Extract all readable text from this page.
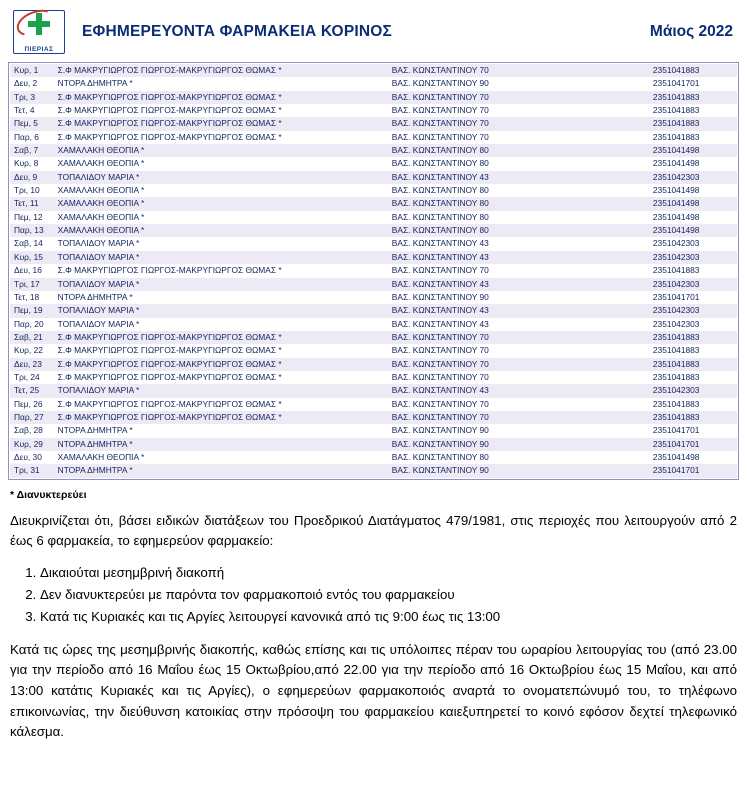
ΠΙΕΡΙΑΣ
ΕΦΗΜΕΡΕΥΟΝΤΑ ΦΑΡΜΑΚΕΙΑ ΚΟΡΙΝΟΣ	Μάιος 2022
Κυρ, 1	Σ.Φ ΜΑΚΡΥΓΙΩΡΓΟΣ ΓΙΩΡΓΟΣ-ΜΑΚΡΥΓΙΩΡΓΟΣ ΘΩΜΑΣ *	ΒΑΣ. ΚΩΝΣΤΑΝΤΙΝΟΥ 70	2351041883
Δευ, 2	ΝΤΟΡΑ ΔΗΜΗΤΡΑ *	ΒΑΣ. ΚΩΝΣΤΑΝΤΙΝΟΥ 90	2351041701
Τρι, 3	Σ.Φ ΜΑΚΡΥΓΙΩΡΓΟΣ ΓΙΩΡΓΟΣ-ΜΑΚΡΥΓΙΩΡΓΟΣ ΘΩΜΑΣ *	ΒΑΣ. ΚΩΝΣΤΑΝΤΙΝΟΥ 70	2351041883
Τετ, 4	Σ.Φ ΜΑΚΡΥΓΙΩΡΓΟΣ ΓΙΩΡΓΟΣ-ΜΑΚΡΥΓΙΩΡΓΟΣ ΘΩΜΑΣ *	ΒΑΣ. ΚΩΝΣΤΑΝΤΙΝΟΥ 70	2351041883
Πεμ, 5	Σ.Φ ΜΑΚΡΥΓΙΩΡΓΟΣ ΓΙΩΡΓΟΣ-ΜΑΚΡΥΓΙΩΡΓΟΣ ΘΩΜΑΣ *	ΒΑΣ. ΚΩΝΣΤΑΝΤΙΝΟΥ 70	2351041883
Παρ, 6	Σ.Φ ΜΑΚΡΥΓΙΩΡΓΟΣ ΓΙΩΡΓΟΣ-ΜΑΚΡΥΓΙΩΡΓΟΣ ΘΩΜΑΣ *	ΒΑΣ. ΚΩΝΣΤΑΝΤΙΝΟΥ 70	2351041883
Σαβ, 7	ΧΑΜΑΛΑΚΗ ΘΕΟΠΙΑ *	ΒΑΣ. ΚΩΝΣΤΑΝΤΙΝΟΥ 80	2351041498
Κυρ, 8	ΧΑΜΑΛΑΚΗ ΘΕΟΠΙΑ *	ΒΑΣ. ΚΩΝΣΤΑΝΤΙΝΟΥ 80	2351041498
Δευ, 9	ΤΟΠΑΛΙΔΟΥ ΜΑΡΙΑ *	ΒΑΣ. ΚΩΝΣΤΑΝΤΙΝΟΥ 43	2351042303
Τρι, 10	ΧΑΜΑΛΑΚΗ ΘΕΟΠΙΑ *	ΒΑΣ. ΚΩΝΣΤΑΝΤΙΝΟΥ 80	2351041498
Τετ, 11	ΧΑΜΑΛΑΚΗ ΘΕΟΠΙΑ *	ΒΑΣ. ΚΩΝΣΤΑΝΤΙΝΟΥ 80	2351041498
Πεμ, 12	ΧΑΜΑΛΑΚΗ ΘΕΟΠΙΑ *	ΒΑΣ. ΚΩΝΣΤΑΝΤΙΝΟΥ 80	2351041498
Παρ, 13	ΧΑΜΑΛΑΚΗ ΘΕΟΠΙΑ *	ΒΑΣ. ΚΩΝΣΤΑΝΤΙΝΟΥ 80	2351041498
Σαβ, 14	ΤΟΠΑΛΙΔΟΥ ΜΑΡΙΑ *	ΒΑΣ. ΚΩΝΣΤΑΝΤΙΝΟΥ 43	2351042303
Κυρ, 15	ΤΟΠΑΛΙΔΟΥ ΜΑΡΙΑ *	ΒΑΣ. ΚΩΝΣΤΑΝΤΙΝΟΥ 43	2351042303
Δευ, 16	Σ.Φ ΜΑΚΡΥΓΙΩΡΓΟΣ ΓΙΩΡΓΟΣ-ΜΑΚΡΥΓΙΩΡΓΟΣ ΘΩΜΑΣ *	ΒΑΣ. ΚΩΝΣΤΑΝΤΙΝΟΥ 70	2351041883
Τρι, 17	ΤΟΠΑΛΙΔΟΥ ΜΑΡΙΑ *	ΒΑΣ. ΚΩΝΣΤΑΝΤΙΝΟΥ 43	2351042303
Τετ, 18	ΝΤΟΡΑ ΔΗΜΗΤΡΑ *	ΒΑΣ. ΚΩΝΣΤΑΝΤΙΝΟΥ 90	2351041701
Πεμ, 19	ΤΟΠΑΛΙΔΟΥ ΜΑΡΙΑ *	ΒΑΣ. ΚΩΝΣΤΑΝΤΙΝΟΥ 43	2351042303
Παρ, 20	ΤΟΠΑΛΙΔΟΥ ΜΑΡΙΑ *	ΒΑΣ. ΚΩΝΣΤΑΝΤΙΝΟΥ 43	2351042303
Σαβ, 21	Σ.Φ ΜΑΚΡΥΓΙΩΡΓΟΣ ΓΙΩΡΓΟΣ-ΜΑΚΡΥΓΙΩΡΓΟΣ ΘΩΜΑΣ *	ΒΑΣ. ΚΩΝΣΤΑΝΤΙΝΟΥ 70	2351041883
Κυρ, 22	Σ.Φ ΜΑΚΡΥΓΙΩΡΓΟΣ ΓΙΩΡΓΟΣ-ΜΑΚΡΥΓΙΩΡΓΟΣ ΘΩΜΑΣ *	ΒΑΣ. ΚΩΝΣΤΑΝΤΙΝΟΥ 70	2351041883
Δευ, 23	Σ.Φ ΜΑΚΡΥΓΙΩΡΓΟΣ ΓΙΩΡΓΟΣ-ΜΑΚΡΥΓΙΩΡΓΟΣ ΘΩΜΑΣ *	ΒΑΣ. ΚΩΝΣΤΑΝΤΙΝΟΥ 70	2351041883
Τρι, 24	Σ.Φ ΜΑΚΡΥΓΙΩΡΓΟΣ ΓΙΩΡΓΟΣ-ΜΑΚΡΥΓΙΩΡΓΟΣ ΘΩΜΑΣ *	ΒΑΣ. ΚΩΝΣΤΑΝΤΙΝΟΥ 70	2351041883
Τετ, 25	ΤΟΠΑΛΙΔΟΥ ΜΑΡΙΑ *	ΒΑΣ. ΚΩΝΣΤΑΝΤΙΝΟΥ 43	2351042303
Πεμ, 26	Σ.Φ ΜΑΚΡΥΓΙΩΡΓΟΣ ΓΙΩΡΓΟΣ-ΜΑΚΡΥΓΙΩΡΓΟΣ ΘΩΜΑΣ *	ΒΑΣ. ΚΩΝΣΤΑΝΤΙΝΟΥ 70	2351041883
Παρ, 27	Σ.Φ ΜΑΚΡΥΓΙΩΡΓΟΣ ΓΙΩΡΓΟΣ-ΜΑΚΡΥΓΙΩΡΓΟΣ ΘΩΜΑΣ *	ΒΑΣ. ΚΩΝΣΤΑΝΤΙΝΟΥ 70	2351041883
Σαβ, 28	ΝΤΟΡΑ ΔΗΜΗΤΡΑ *	ΒΑΣ. ΚΩΝΣΤΑΝΤΙΝΟΥ 90	2351041701
Κυρ, 29	ΝΤΟΡΑ ΔΗΜΗΤΡΑ *	ΒΑΣ. ΚΩΝΣΤΑΝΤΙΝΟΥ 90	2351041701
Δευ, 30	ΧΑΜΑΛΑΚΗ ΘΕΟΠΙΑ *	ΒΑΣ. ΚΩΝΣΤΑΝΤΙΝΟΥ 80	2351041498
Τρι, 31	ΝΤΟΡΑ ΔΗΜΗΤΡΑ *	ΒΑΣ. ΚΩΝΣΤΑΝΤΙΝΟΥ 90	2351041701
* Διανυκτερεύει
Διευκρινίζεται ότι, βάσει ειδικών διατάξεων του Προεδρικού Διατάγματος 479/1981, στις περιοχές που λειτουργούν από 2 έως 6 φαρμακεία, το εφημερεύον φαρμακείο:
1. Δικαιούται μεσημβρινή διακοπή
2. Δεν διανυκτερεύει με παρόντα τον φαρμακοποιό εντός του φαρμακείου
3. Κατά τις Κυριακές και τις Αργίες λειτουργεί κανονικά από τις 9:00 έως τις 13:00
Κατά τις ώρες της μεσημβρινής διακοπής, καθώς επίσης και τις υπόλοιπες πέραν του ωραρίου λειτουργίας του (από 23.00 για την περίοδο από 16 Μαΐου έως 15 Οκτωβρίου,από 22.00 για την περίοδο από 16 Οκτωβρίου έως 15 Μαΐου, και από 13:00 κατάτις Κυριακές και τις Αργίες), ο εφημερεύων φαρμακοποιός αναρτά το ονοματεπώνυμό του, το τηλέφωνο επικοινωνίας, την διεύθυνση κατοικίας στην πρόσοψη του φαρμακείου καιεξυπηρετεί το κοινό εφόσον δεχτεί τηλεφωνικό κάλεσμα.
